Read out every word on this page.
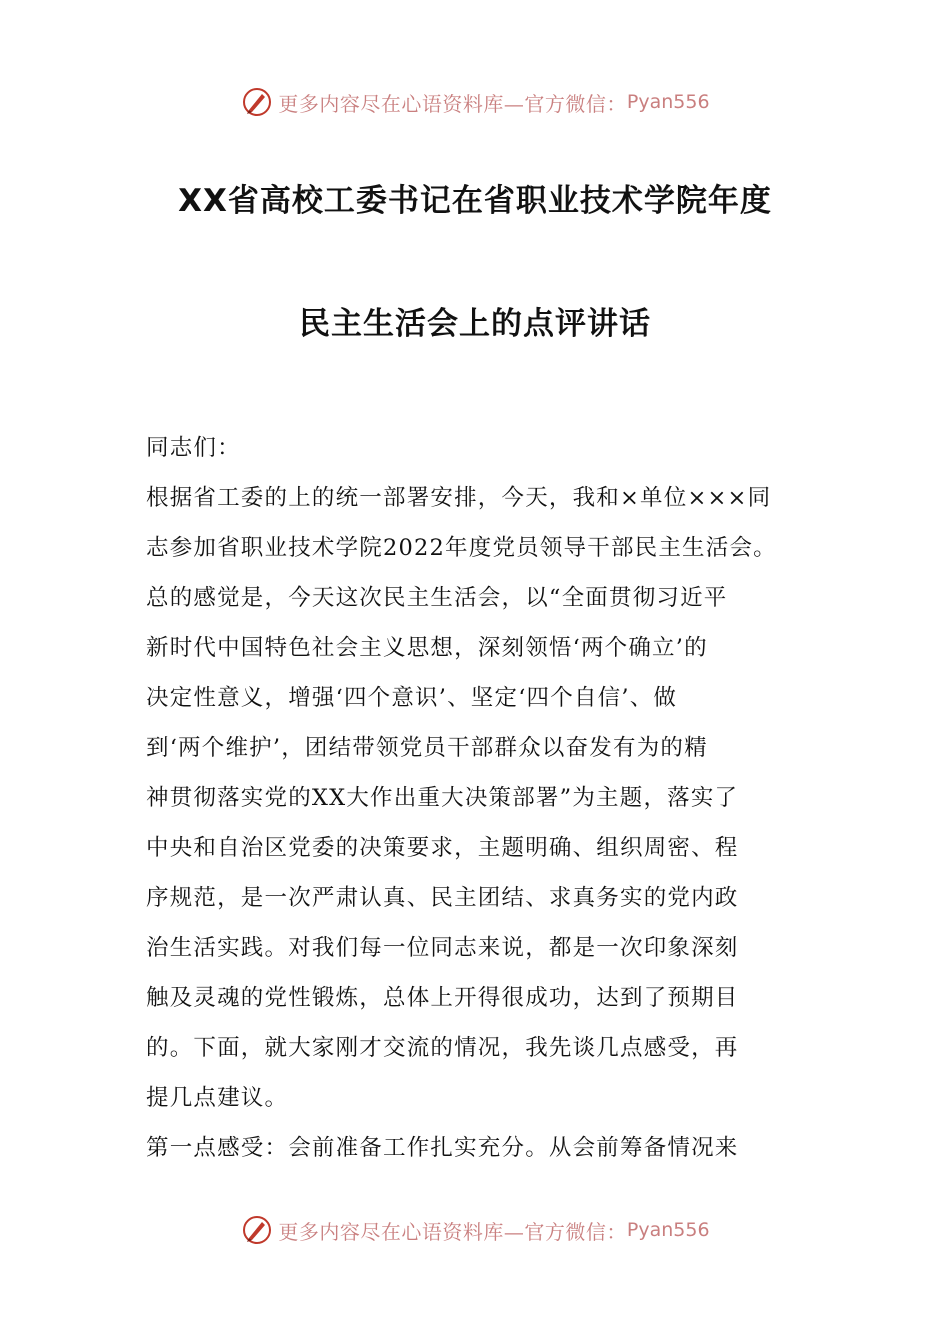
更多内容尽在心语资料库—官方微信： Pyan556
XX省高校工委书记在省职业技术学院年度
民主生活会上的点评讲话
同志们：
根据省工委的上的统一部署安排，今天，我和×单位×××同
志参加省职业技术学院2022年度党员领导干部民主生活会。
总的感觉是，今天这次民主生活会，以“全面贯彻习近平
新时代中国特色社会主义思想，深刻领悟‘两个确立’的
决定性意义，增强‘四个意识’、坚定‘四个自信’、做
到‘两个维护’，团结带领党员干部群众以奋发有为的精
神贯彻落实党的XX大作出重大决策部署”为主题，落实了
中央和自治区党委的决策要求，主题明确、组织周密、程
序规范，是一次严肃认真、民主团结、求真务实的党内政
治生活实践。对我们每一位同志来说，都是一次印象深刻
触及灵魂的党性锻炼，总体上开得很成功，达到了预期目
的。下面，就大家刚才交流的情况，我先谈几点感受，再
提几点建议。
第一点感受：会前准备工作扎实充分。从会前筹备情况来
更多内容尽在心语资料库—官方微信： Pyan556
